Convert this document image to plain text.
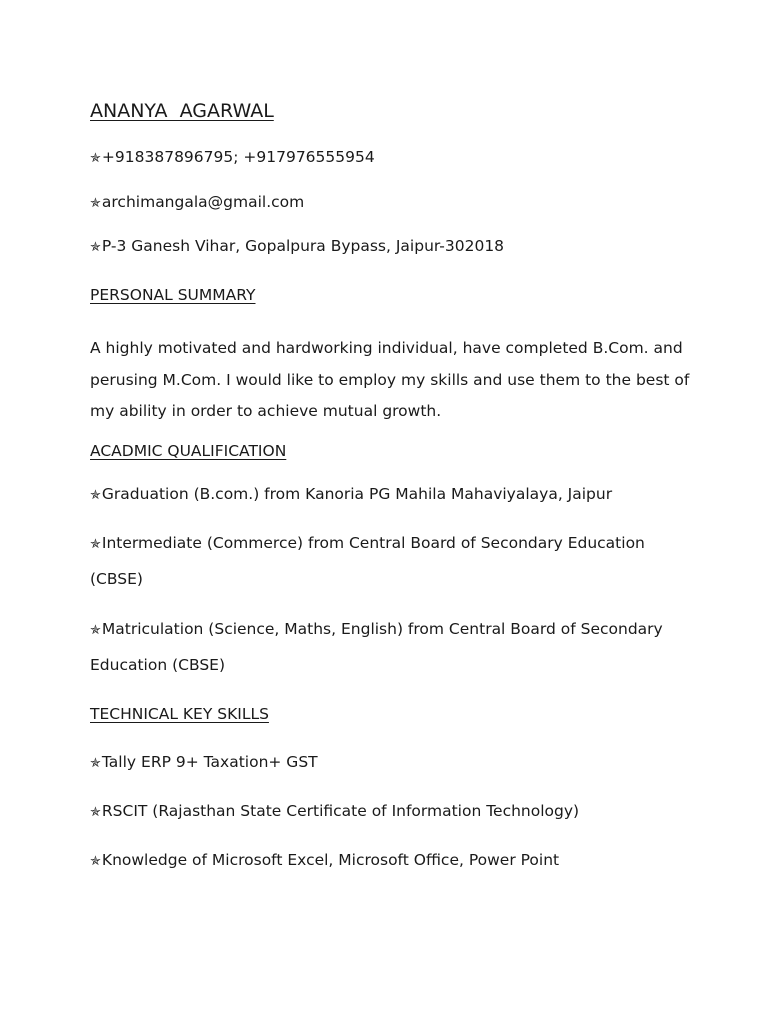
ANANYA  AGARWAL
✯+918387896795; +917976555954
✯archimangala@gmail.com
✯P-3 Ganesh Vihar, Gopalpura Bypass, Jaipur-302018
PERSONAL SUMMARY

A highly motivated and hardworking individual, have completed B.Com. and perusing M.Com. I would like to employ my skills and use them to the best of my ability in order to achieve mutual growth.

ACADMIC QUALIFICATION
✯Graduation (B.com.) from Kanoria PG Mahila Mahaviyalaya, Jaipur
✯Intermediate (Commerce) from Central Board of Secondary Education (CBSE)
✯Matriculation (Science, Maths, English) from Central Board of Secondary Education (CBSE)
TECHNICAL KEY SKILLS
✯Tally ERP 9+ Taxation+ GST
✯RSCIT (Rajasthan State Certificate of Information Technology)
✯Knowledge of Microsoft Excel, Microsoft Office, Power Point
